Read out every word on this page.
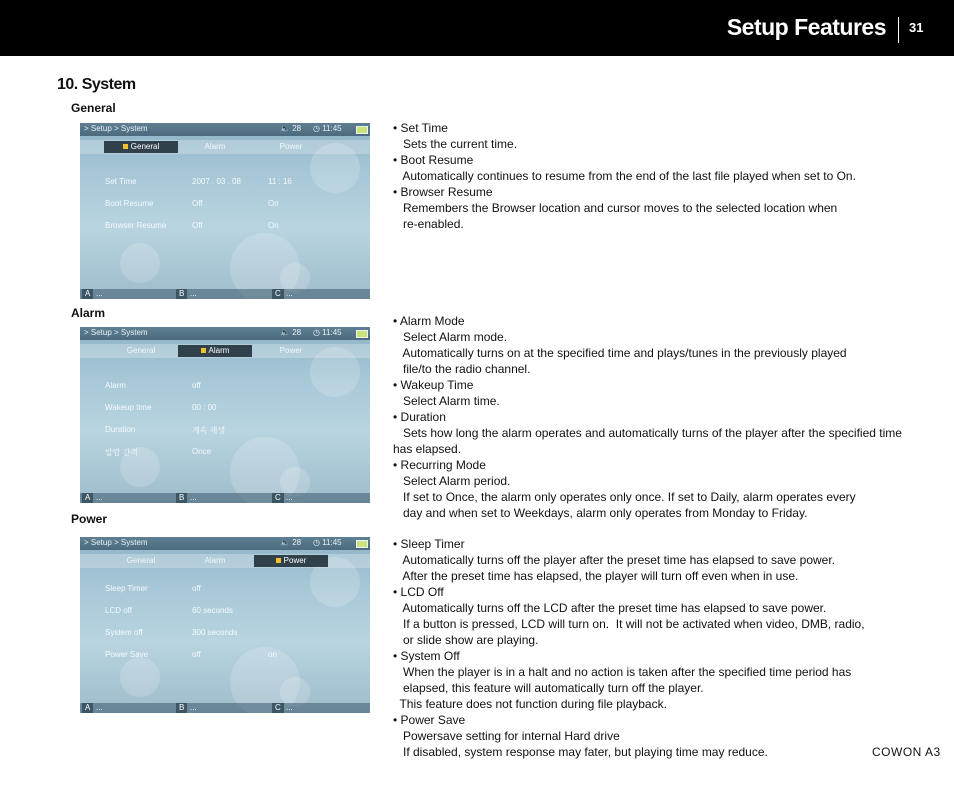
Setup Features 31
10. System
General
Alarm
Power
> Setup > System	🔈 28 ◷ 11:45
General	Alarm	Power
Set Time	2007 . 03 . 08	11 : 16
Boot Resume	Off	On
Browser Resume	Off	On
A ...	B ...	C ...
> Setup > System	🔈 28 ◷ 11:45
General	Alarm	Power
Alarm	off
Wakeup time	00 : 00
Duration	계속 재생
알람 간격	Once
A ...	B ...	C ...
> Setup > System	🔈 28 ◷ 11:45
General	Alarm	Power
Sleep Timer	off
LCD off	60 seconds
System off	300 seconds
Power Save	off	on
A ...	B ...	C ...
• Set Time
Sets the current time.
• Boot Resume
Automatically continues to resume from the end of the last file played when set to On.
• Browser Resume
Remembers the Browser location and cursor moves to the selected location when
re-enabled.
• Alarm Mode
Select Alarm mode.
Automatically turns on at the specified time and plays/tunes in the previously played
file/to the radio channel.
• Wakeup Time
Select Alarm time.
• Duration
Sets how long the alarm operates and automatically turns of the player after the specified time
has elapsed.
• Recurring Mode
Select Alarm period.
If set to Once, the alarm only operates only once. If set to Daily, alarm operates every
day and when set to Weekdays, alarm only operates from Monday to Friday.
• Sleep Timer
Automatically turns off the player after the preset time has elapsed to save power.
After the preset time has elapsed, the player will turn off even when in use.
• LCD Off
Automatically turns off the LCD after the preset time has elapsed to save power.
If a button is pressed, LCD will turn on.  It will not be activated when video, DMB, radio,
or slide show are playing.
• System Off
When the player is in a halt and no action is taken after the specified time period has
elapsed, this feature will automatically turn off the player.
This feature does not function during file playback.
• Power Save
Powersave setting for internal Hard drive
If disabled, system response may fater, but playing time may reduce.	COWON A3
